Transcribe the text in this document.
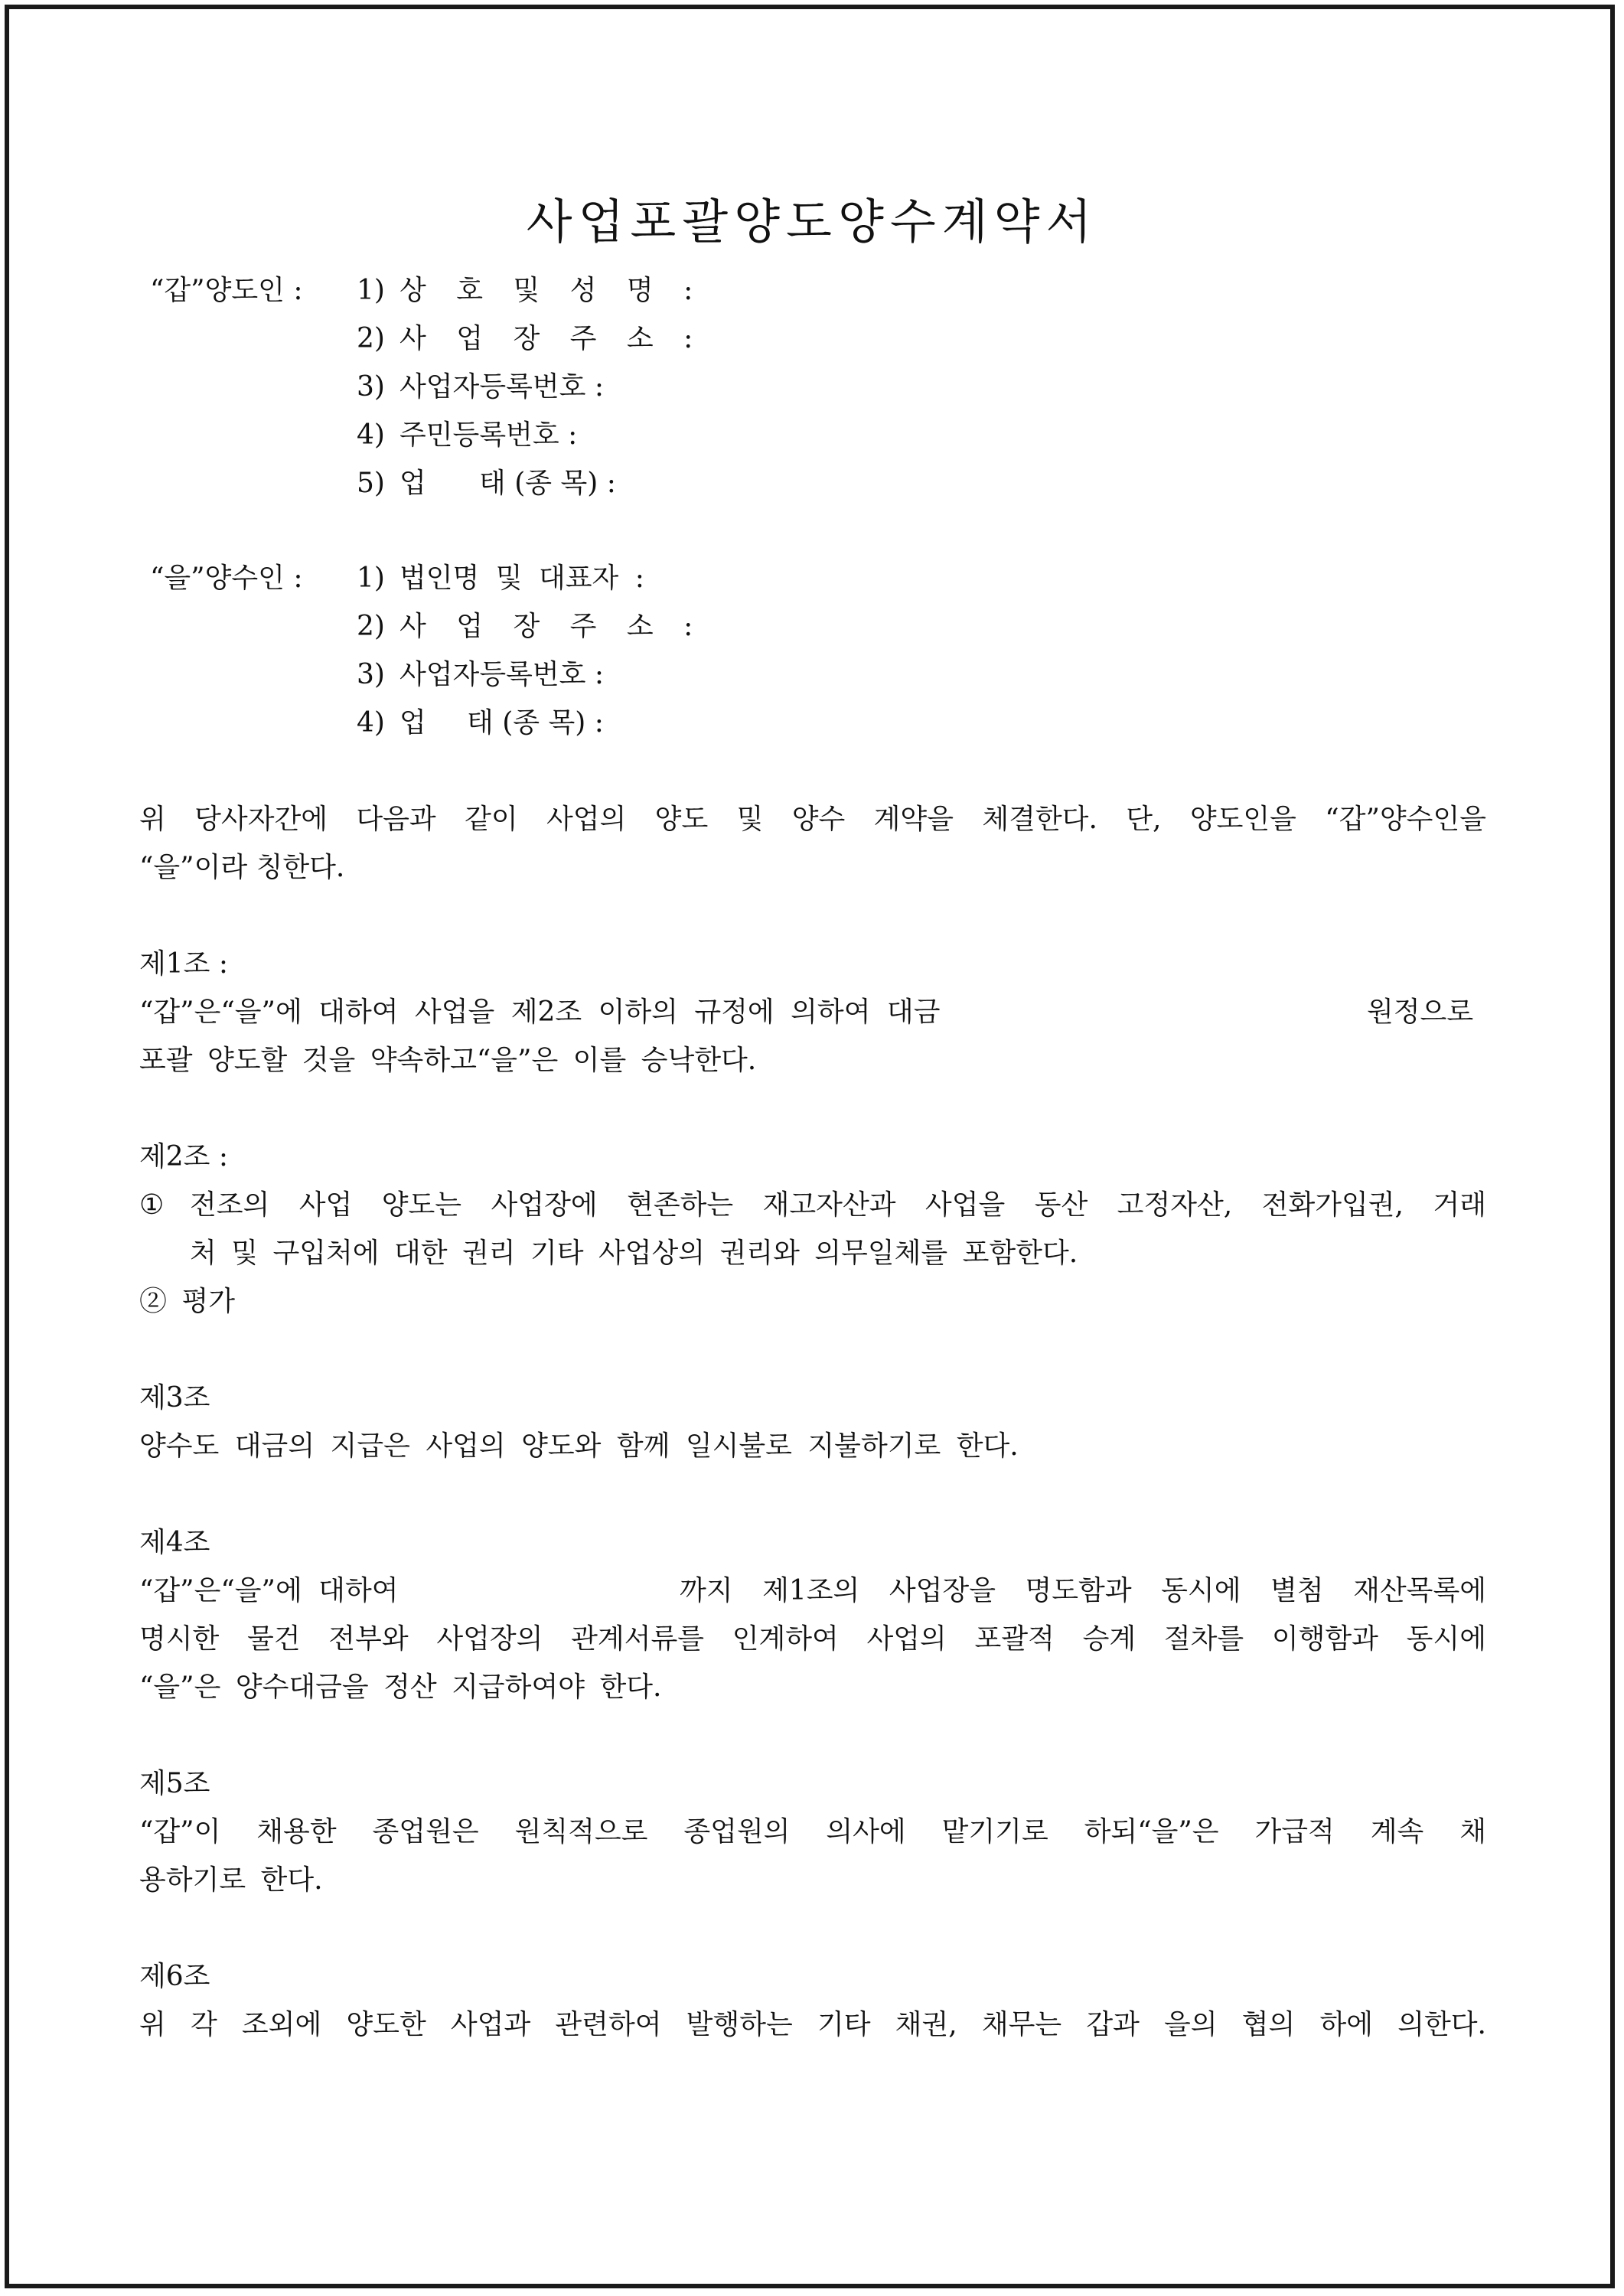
사업포괄양도양수계약서
“갑”양도인 : 1) 상 호 및 성 명 :
2) 사 업 장 주 소 :
3) 사업자등록번호 :
4) 주민등록번호 :
5) 업 태 (종 목) :
“을”양수인 : 1) 법인명 및 대표자 :
2) 사 업 장 주 소 :
3) 사업자등록번호 :
4) 업 태 (종 목) :
위 당사자간에 다음과 같이 사업의 양도 및 양수 계약을 체결한다. 단, 양도인을 “갑”양수인을
“을”이라 칭한다.
제1조 :
“갑”은“을”에 대하여 사업을 제2조 이하의 규정에 의하여 대금	원정으로
포괄 양도할 것을 약속하고“을”은 이를 승낙한다.
제2조 :
① 전조의 사업 양도는 사업장에 현존하는 재고자산과 사업을 동산 고정자산, 전화가입권, 거래
처 및 구입처에 대한 권리 기타 사업상의 권리와 의무일체를 포함한다.
② 평가
제3조
양수도 대금의 지급은 사업의 양도와 함께 일시불로 지불하기로 한다.
제4조
“갑”은“을”에 대하여	까지 제1조의 사업장을 명도함과 동시에 별첨 재산목록에
명시한 물건 전부와 사업장의 관계서류를 인계하여 사업의 포괄적 승계 절차를 이행함과 동시에
“을”은 양수대금을 정산 지급하여야 한다.
제5조
“갑”이 채용한 종업원은 원칙적으로 종업원의 의사에 맡기기로 하되“을”은 가급적 계속 채
용하기로 한다.
제6조
위 각 조외에 양도한 사업과 관련하여 발행하는 기타 채권, 채무는 갑과 을의 협의 하에 의한다.
